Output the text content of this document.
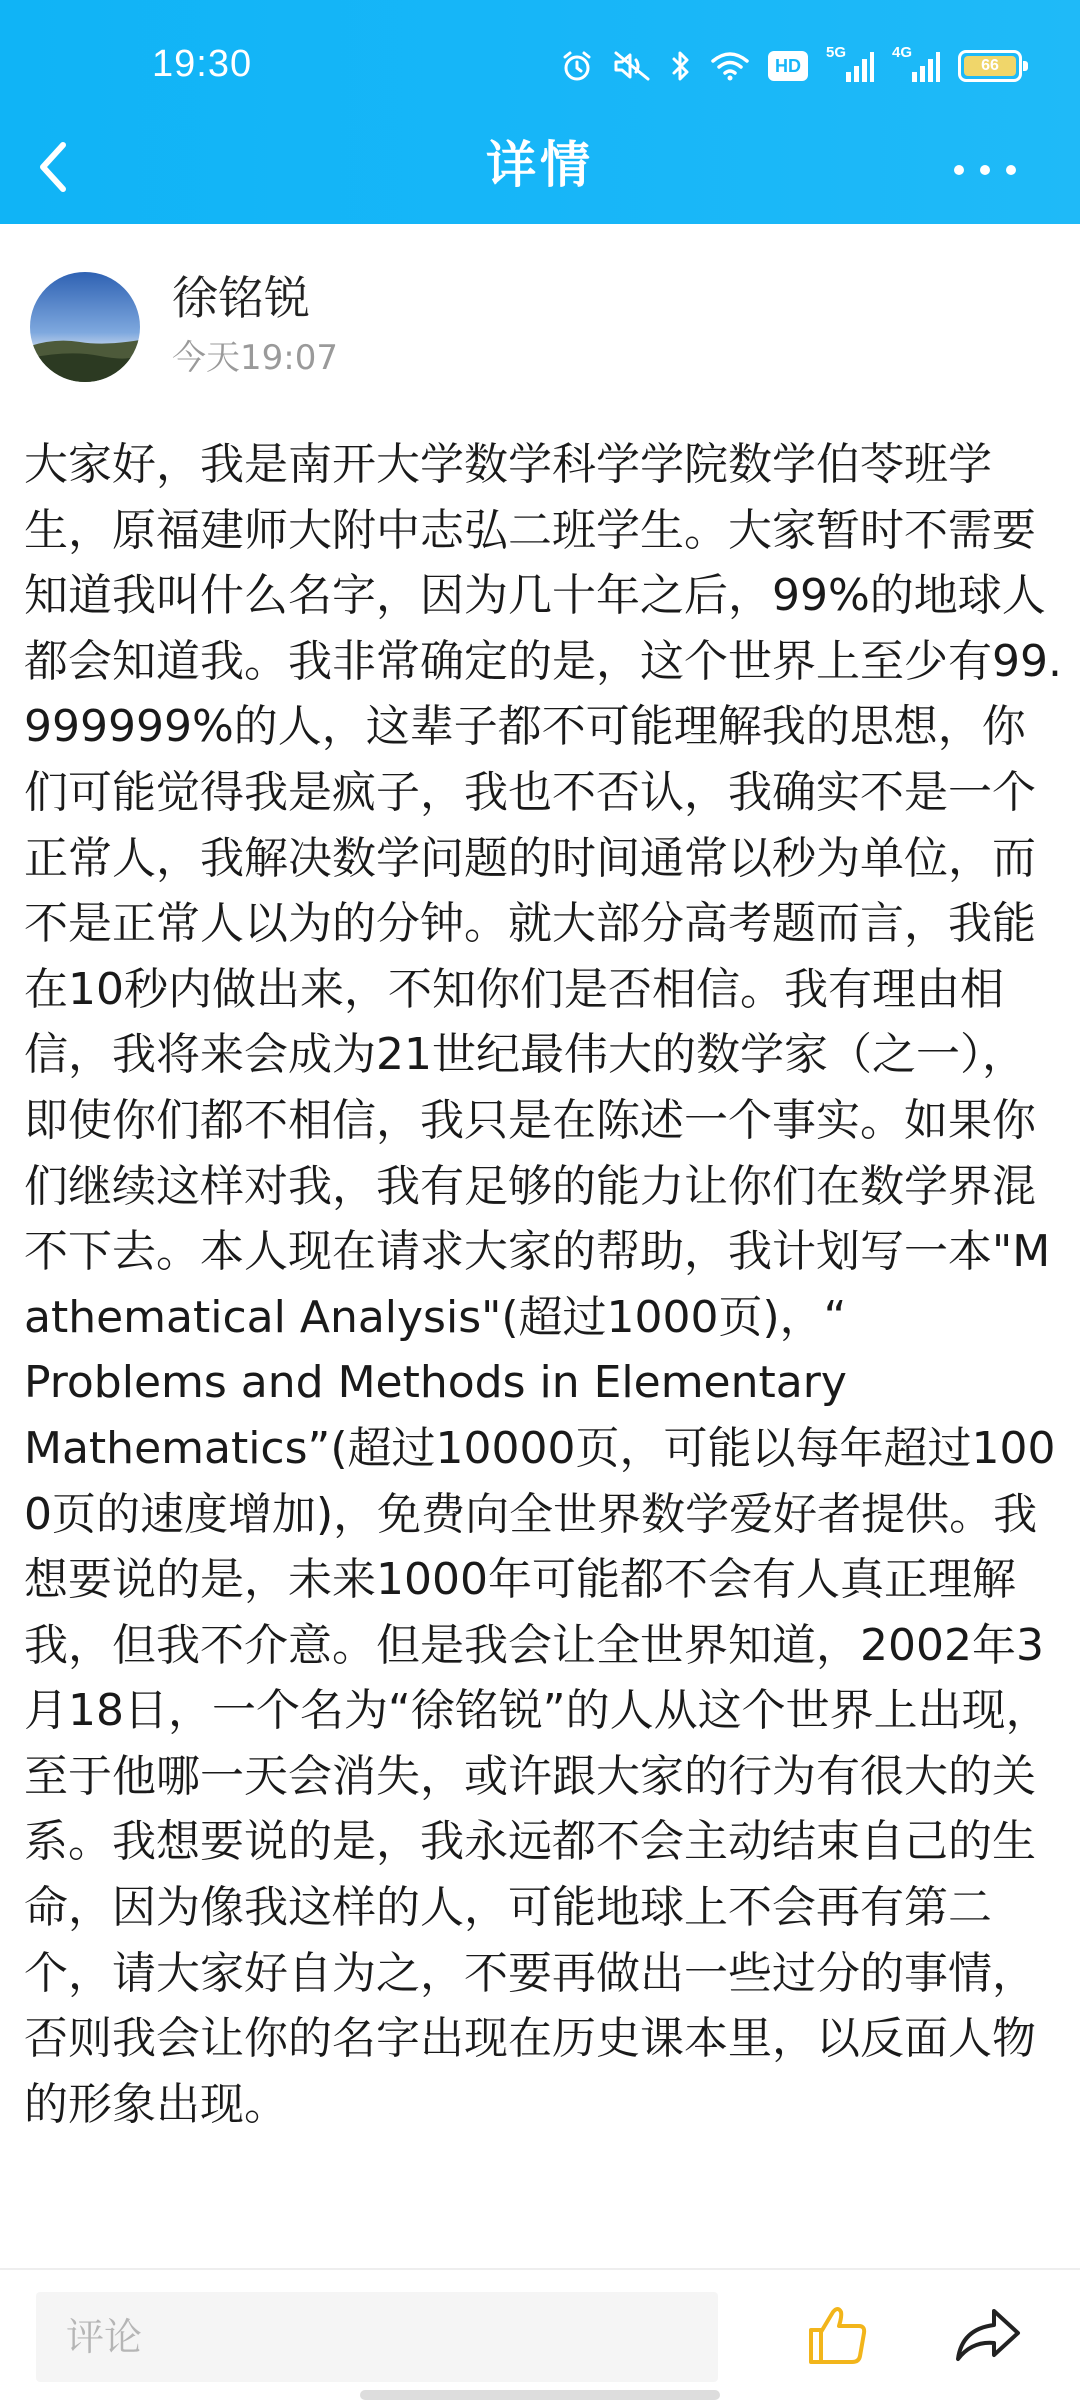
19:30	HD
5G	4G
66
详情
徐铭锐
今天19:07

大家好，我是南开大学数学科学学院数学伯苓班学生，原福建师大附中志弘二班学生。大家暂时不需要知道我叫什么名字，因为几十年之后，99%的地球人都会知道我。我非常确定的是，这个世界上至少有99.999999%的人，这辈子都不可能理解我的思想，你们可能觉得我是疯子，我也不否认，我确实不是一个正常人，我解决数学问题的时间通常以秒为单位，而不是正常人以为的分钟。就大部分高考题而言，我能在10秒内做出来，不知你们是否相信。我有理由相信，我将来会成为21世纪最伟大的数学家（之一），即使你们都不相信，我只是在陈述一个事实。如果你们继续这样对我，我有足够的能力让你们在数学界混不下去。本人现在请求大家的帮助，我计划写一本"Mathematical Analysis"(超过1000页)，“
Problems and Methods in Elementary
Mathematics”(超过10000页，可能以每年超过1000页的速度增加)，免费向全世界数学爱好者提供。我想要说的是，未来1000年可能都不会有人真正理解我，但我不介意。但是我会让全世界知道，2002年3月18日，一个名为“徐铭锐”的人从这个世界上出现，至于他哪一天会消失，或许跟大家的行为有很大的关系。我想要说的是，我永远都不会主动结束自己的生命，因为像我这样的人，可能地球上不会再有第二个，请大家好自为之，不要再做出一些过分的事情，否则我会让你的名字出现在历史课本里，以反面人物的形象出现。

评论
